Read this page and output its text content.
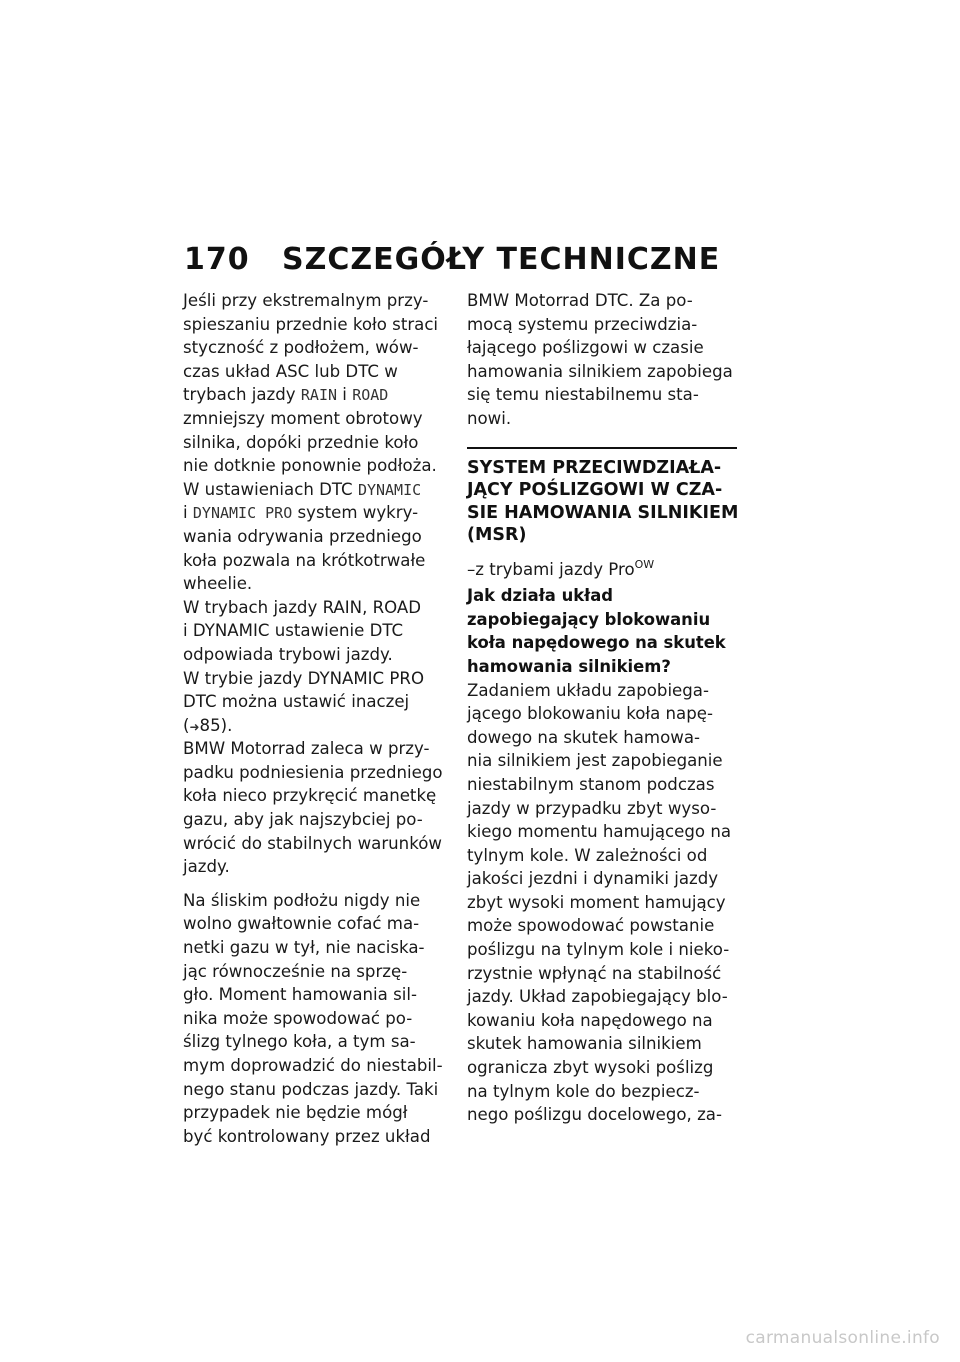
170 SZCZEGÓŁY TECHNICZNE
Jeśli przy ekstremalnym przy-
spieszaniu przednie koło straci
styczność z podłożem, wów-
czas układ ASC lub DTC w
trybach jazdy RAIN i ROAD
zmniejszy moment obrotowy
silnika, dopóki przednie koło
nie dotknie ponownie podłoża.
W ustawieniach DTC DYNAMIC
i DYNAMIC PRO system wykry-
wania odrywania przedniego
koła pozwala na krótkotrwałe
wheelie.
W trybach jazdy RAIN, ROAD
i DYNAMIC ustawienie DTC
odpowiada trybowi jazdy.
W trybie jazdy DYNAMIC PRO
DTC można ustawić inaczej
(➜85).
BMW Motorrad zaleca w przy-
padku podniesienia przedniego
koła nieco przykręcić manetkę
gazu, aby jak najszybciej po-
wrócić do stabilnych warunków
jazdy.
Na śliskim podłożu nigdy nie
wolno gwałtownie cofać ma-
netki gazu w tył, nie naciska-
jąc równocześnie na sprzę-
gło. Moment hamowania sil-
nika może spowodować po-
ślizg tylnego koła, a tym sa-
mym doprowadzić do niestabil-
nego stanu podczas jazdy. Taki
przypadek nie będzie mógł
być kontrolowany przez układ
BMW Motorrad DTC. Za po-
mocą systemu przeciwdzia-
łającego poślizgowi w czasie
hamowania silnikiem zapobiega
się temu niestabilnemu sta-
nowi.
SYSTEM PRZECIWDZIAŁA-
JĄCY POŚLIZGOWI W CZA-
SIE HAMOWANIA SILNIKIEM
(MSR)
–z trybami jazdy Pro$^{OW}$
Jak działa układ
zapobiegający blokowaniu
koła napędowego na skutek
hamowania silnikiem?
Zadaniem układu zapobiega-
jącego blokowaniu koła napę-
dowego na skutek hamowa-
nia silnikiem jest zapobieganie
niestabilnym stanom podczas
jazdy w przypadku zbyt wyso-
kiego momentu hamującego na
tylnym kole. W zależności od
jakości jezdni i dynamiki jazdy
zbyt wysoki moment hamujący
może spowodować powstanie
poślizgu na tylnym kole i nieko-
rzystnie wpłynąć na stabilność
jazdy. Układ zapobiegający blo-
kowaniu koła napędowego na
skutek hamowania silnikiem
ogranicza zbyt wysoki poślizg
na tylnym kole do bezpiecz-
nego poślizgu docelowego, za-
carmanualsonline.info
